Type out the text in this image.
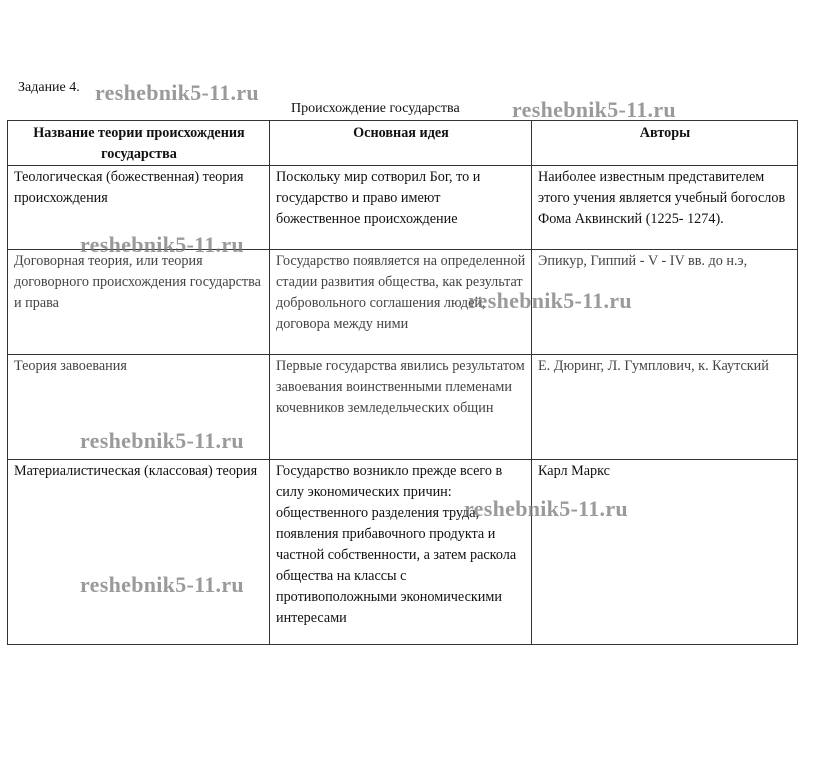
Задание 4.
Происхождение государства
Название теории происхождения государства	Основная идея	Авторы
Теологическая (божественная) теория происхождения	Поскольку мир сотворил Бог, то и государство и право имеют божественное происхождение	Наиболее известным представителем этого учения является учебный богослов Фома Аквинский (1225- 1274).
Договорная теория, или теория договорного происхождения государства и права	Государство появляется на определенной стадии развития общества, как результат добровольного соглашения людей, договора между ними	Эпикур, Гиппий - V - IV вв. до н.э,
Теория завоевания	Первые государства явились результатом завоевания воинственными племенами кочевников земледельческих общин	Е. Дюринг, Л. Гумплович, к. Каутский
Материалистическая (классовая) теория	Государство возникло прежде всего в силу экономических причин: общественного разделения труда, появления прибавочного продукта и частной собственности, а затем раскола общества на классы с противоположными экономическими интересами	Карл Маркс
reshebnik5-11.ru
reshebnik5-11.ru
reshebnik5-11.ru
reshebnik5-11.ru
reshebnik5-11.ru
reshebnik5-11.ru
reshebnik5-11.ru
